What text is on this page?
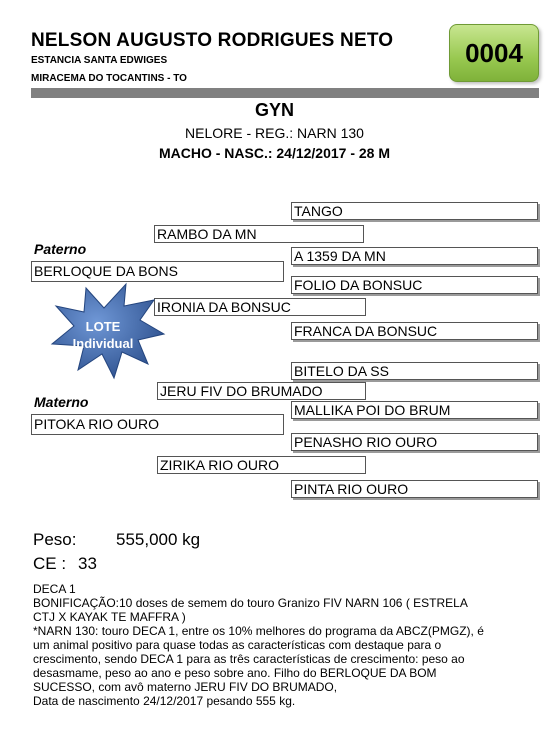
NELSON AUGUSTO RODRIGUES NETO
ESTANCIA SANTA EDWIGES
MIRACEMA DO TOCANTINS - TO
0004
GYN
NELORE - REG.: NARN 130
MACHO - NASC.: 24/12/2017 - 28 M
TANGO
A 1359 DA MN
FOLIO DA BONSUC
FRANCA DA BONSUC
BITELO DA SS
MALLIKA POI DO BRUM
PENASHO RIO OURO
PINTA RIO OURO
RAMBO DA MN
IRONIA DA BONSUC
JERU FIV DO BRUMADO
ZIRIKA RIO OURO
Paterno
BERLOQUE DA BONS
Materno
PITOKA RIO OURO
LOTE
Individual
Peso: 555,000 kg
CE : 33
DECA 1
BONIFICAÇÃO:10 doses de semem do touro Granizo FIV NARN 106 ( ESTRELA
CTJ X KAYAK TE MAFFRA )
*NARN 130: touro DECA 1, entre os 10% melhores do programa da ABCZ(PMGZ), é
um animal positivo para quase todas as características com destaque para o
crescimento, sendo DECA 1 para as três características de crescimento: peso ao
desasmame, peso ao ano e peso sobre ano. Filho do BERLOQUE DA BOM
SUCESSO, com avô materno JERU FIV DO BRUMADO,
Data de nascimento 24/12/2017 pesando 555 kg.
